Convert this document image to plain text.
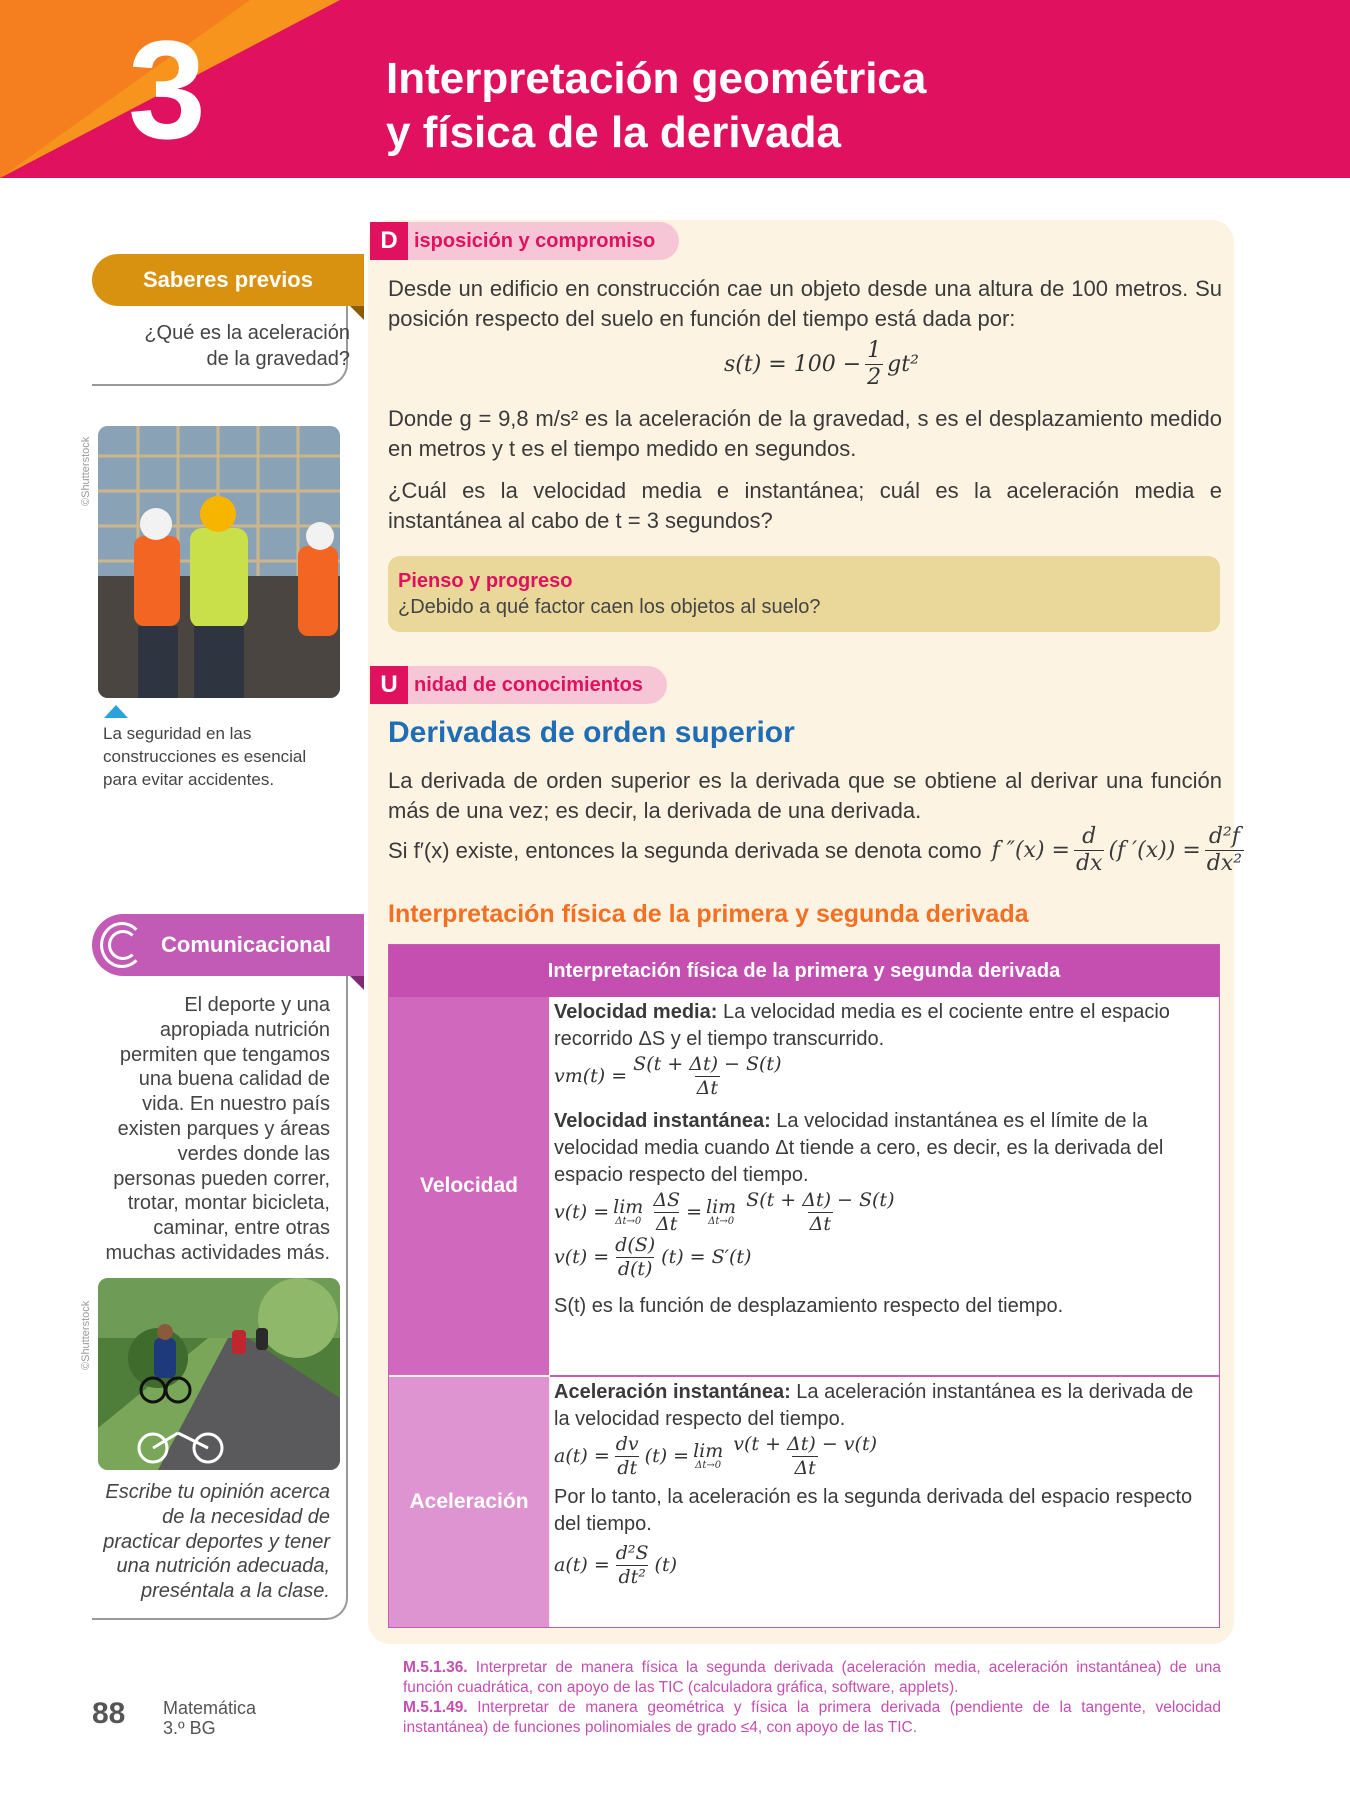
3	Interpretación geométrica
y física de la derivada
Saberes previos
¿Qué es la aceleración de la gravedad?
©Shutterstock
La seguridad en las construcciones es esencial para evitar accidentes.
Comunicacional
El deporte y una apropiada nutrición permiten que tengamos una buena calidad de vida. En nuestro país existen parques y áreas verdes donde las personas pueden correr, trotar, montar bicicleta, caminar, entre otras muchas actividades más.
©Shutterstock
Escribe tu opinión acerca de la necesidad de practicar deportes y tener una nutrición adecuada, preséntala a la clase.
D isposición y compromiso
Desde un edificio en construcción cae un objeto desde una altura de 100 metros. Su posición respecto del suelo en función del tiempo está dada por:
$s(t) = 100 - \frac{1}{2} gt^2$
Donde g = 9,8 m/s² es la aceleración de la gravedad, s es el desplazamiento medido en metros y t es el tiempo medido en segundos.
¿Cuál es la velocidad media e instantánea; cuál es la aceleración media e instantánea al cabo de t = 3 segundos?
Pienso y progreso
¿Debido a qué factor caen los objetos al suelo?
U nidad de conocimientos
Derivadas de orden superior
La derivada de orden superior es la derivada que se obtiene al derivar una función más de una vez; es decir, la derivada de una derivada.
Si f′(x) existe, entonces la segunda derivada se denota como f $''(x) = \frac{d}{dx} (f$ $'(x)) = \frac{\text{d²f}}{\text{dx²}}$
Interpretación física de la primera y segunda derivada
Interpretación física de la primera y segunda derivada
Velocidad
Velocidad media: La velocidad media es el cociente entre el espacio recorrido ΔS y el tiempo transcurrido.
$vm(t) = \frac{S(t + \Delta t) - S(t)}{\Delta t}$
Velocidad instantánea: La velocidad instantánea es el límite de la velocidad media cuando Δt tiende a cero, es decir, es la derivada del espacio respecto del tiempo.
v(t) = lim
$\Delta t\to 0 \frac{\Delta S}{\Delta t} = \lim$
$\Delta t\to 0 \frac{S(t + \Delta t) - S(t)}{\Delta t}$
$v(t) = \frac{d(S)}{d(t)} (t) = S'(t)$
S(t) es la función de desplazamiento respecto del tiempo.
Aceleración
Aceleración instantánea: La aceleración instantánea es la derivada de la velocidad respecto del tiempo.
$a(t) = \frac{dv}{dt} (t) = \lim$
$\Delta t\to 0 \frac{v(t + \Delta t) - v(t)}{\Delta t}$
Por lo tanto, la aceleración es la segunda derivada del espacio respecto del tiempo.
$a(t) = \frac{\text{d²S}}{\text{dt²}} (t)$
M.5.1.36. Interpretar de manera física la segunda derivada (aceleración media, aceleración instantánea) de una función cuadrática, con apoyo de las TIC (calculadora gráfica, software, applets).
M.5.1.49. Interpretar de manera geométrica y física la primera derivada (pendiente de la tangente, velocidad instantánea) de funciones polinomiales de grado ≤4, con apoyo de las TIC.
88 Matemática
3.º BG
